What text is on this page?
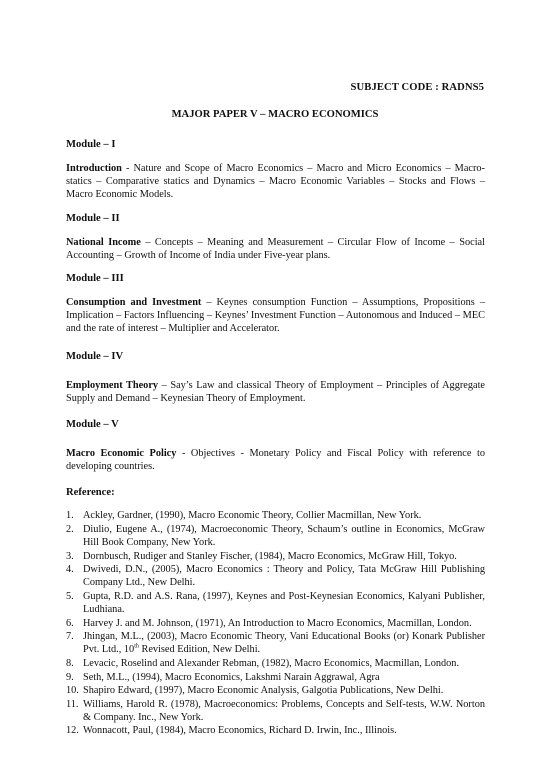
SUBJECT CODE : RADNS5
MAJOR PAPER V – MACRO ECONOMICS
Module – I
Introduction - Nature and Scope of Macro Economics – Macro and Micro Economics – Macro-statics – Comparative statics and Dynamics – Macro Economic Variables – Stocks and Flows – Macro Economic Models.
Module – II
National Income – Concepts – Meaning and Measurement – Circular Flow of Income – Social Accounting – Growth of Income of India under Five-year plans.
Module – III
Consumption and Investment – Keynes consumption Function – Assumptions, Propositions – Implication – Factors Influencing – Keynes’ Investment Function – Autonomous and Induced – MEC and the rate of interest – Multiplier and Accelerator.
Module – IV
Employment Theory – Say’s Law and classical Theory of Employment – Principles of Aggregate Supply and Demand – Keynesian Theory of Employment.
Module – V
Macro Economic Policy - Objectives - Monetary Policy and Fiscal Policy with reference to developing countries.
Reference:
1. Ackley, Gardner, (1990), Macro Economic Theory, Collier Macmillan, New York.
2. Diulio, Eugene A., (1974), Macroeconomic Theory, Schaum’s outline in Economics, McGraw Hill Book Company, New York.
3. Dornbusch, Rudiger and Stanley Fischer, (1984), Macro Economics, McGraw Hill, Tokyo.
4. Dwivedi, D.N., (2005), Macro Economics : Theory and Policy, Tata McGraw Hill Publishing Company Ltd., New Delhi.
5. Gupta, R.D. and A.S. Rana, (1997), Keynes and Post-Keynesian Economics, Kalyani Publisher, Ludhiana.
6. Harvey J. and M. Johnson, (1971), An Introduction to Macro Economics, Macmillan, London.
7. Jhingan, M.L., (2003), Macro Economic Theory, Vani Educational Books (or) Konark Publisher Pvt. Ltd., 10th Revised Edition, New Delhi.
8. Levacic, Roselind and Alexander Rebman, (1982), Macro Economics, Macmillan, London.
9. Seth, M.L., (1994), Macro Economics, Lakshmi Narain Aggrawal, Agra
10. Shapiro Edward, (1997), Macro Economic Analysis, Galgotia Publications, New Delhi.
11. Williams, Harold R. (1978), Macroeconomics: Problems, Concepts and Self-tests, W.W. Norton & Company. Inc., New York.
12. Wonnacott, Paul, (1984), Macro Economics, Richard D. Irwin, Inc., Illinois.
